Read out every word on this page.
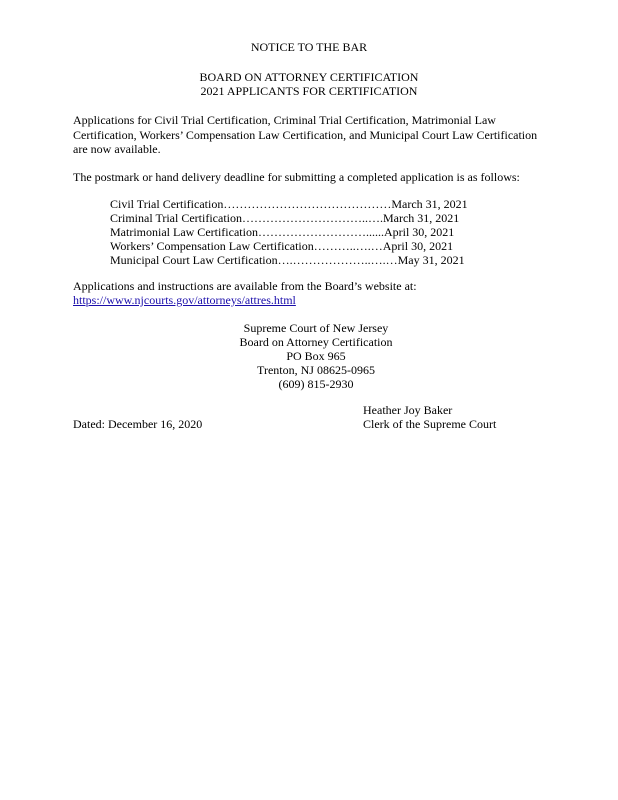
NOTICE TO THE BAR
BOARD ON ATTORNEY CERTIFICATION
2021 APPLICANTS FOR CERTIFICATION
Applications for Civil Trial Certification, Criminal Trial Certification, Matrimonial Law Certification, Workers’ Compensation Law Certification, and Municipal Court Law Certification are now available.
The postmark or hand delivery deadline for submitting a completed application is as follows:
Civil Trial Certification……………………………………March 31, 2021
Criminal Trial Certification…………………………..….March 31, 2021
Matrimonial Law Certification………………………......April 30, 2021
Workers’ Compensation Law Certification………..….…April 30, 2021
Municipal Court Law Certification….………………..….…May 31, 2021
Applications and instructions are available from the Board’s website at:
https://www.njcourts.gov/attorneys/attres.html
Supreme Court of New Jersey
Board on Attorney Certification
PO Box 965
Trenton, NJ 08625-0965
(609) 815-2930
Heather Joy Baker
Clerk of the Supreme Court
Dated: December 16, 2020
